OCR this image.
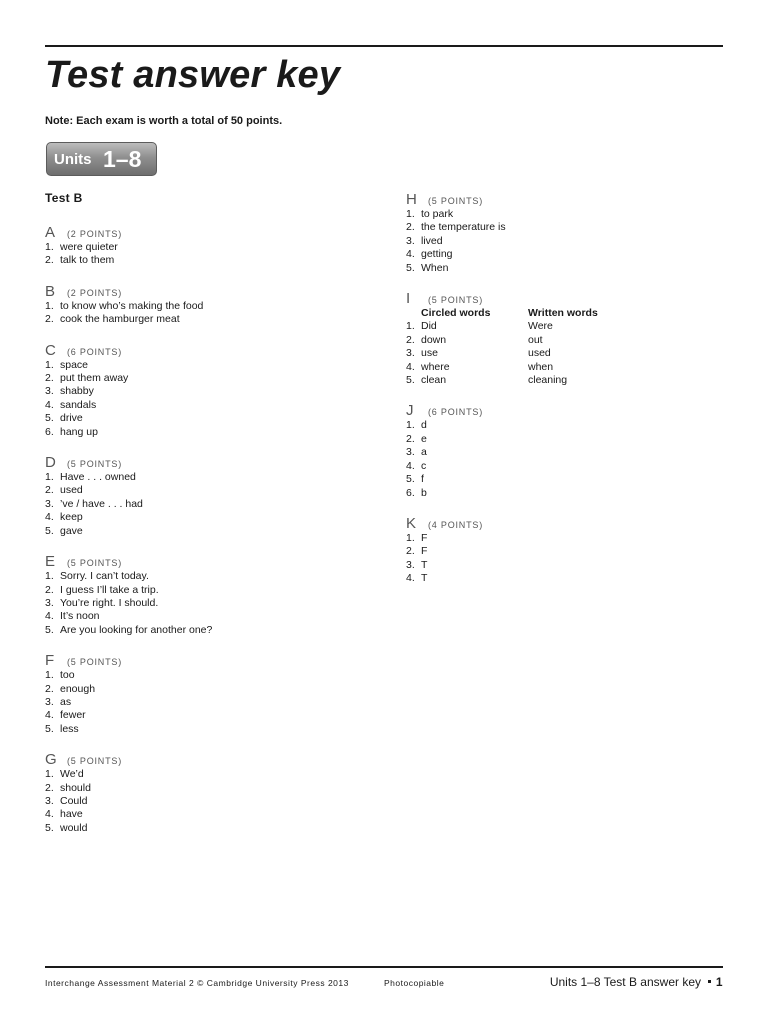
Test answer key
Note: Each exam is worth a total of 50 points.
Units 1–8
Test B
A (2 POINTS)
1. were quieter
2. talk to them
B (2 POINTS)
1. to know who’s making the food
2. cook the hamburger meat
C (6 POINTS)
1. space
2. put them away
3. shabby
4. sandals
5. drive
6. hang up
D (5 POINTS)
1. Have . . . owned
2. used
3. ’ve / have . . . had
4. keep
5. gave
E (5 POINTS)
1. Sorry. I can’t today.
2. I guess I’ll take a trip.
3. You’re right. I should.
4. It’s noon
5. Are you looking for another one?
F (5 POINTS)
1. too
2. enough
3. as
4. fewer
5. less
G (5 POINTS)
1. We’d
2. should
3. Could
4. have
5. would
H (5 POINTS)
1. to park
2. the temperature is
3. lived
4. getting
5. When
I (5 POINTS)
	Circled words	Written words
1.	Did	Were
2.	down	out
3.	use	used
4.	where	when
5.	clean	cleaning
J (6 POINTS)
1. d
2. e
3. a
4. c
5. f
6. b
K (4 POINTS)
1. F
2. F
3. T
4. T
Interchange Assessment Material 2 © Cambridge University Press 2013	Photocopiable	Units 1–8 Test B answer key 1
